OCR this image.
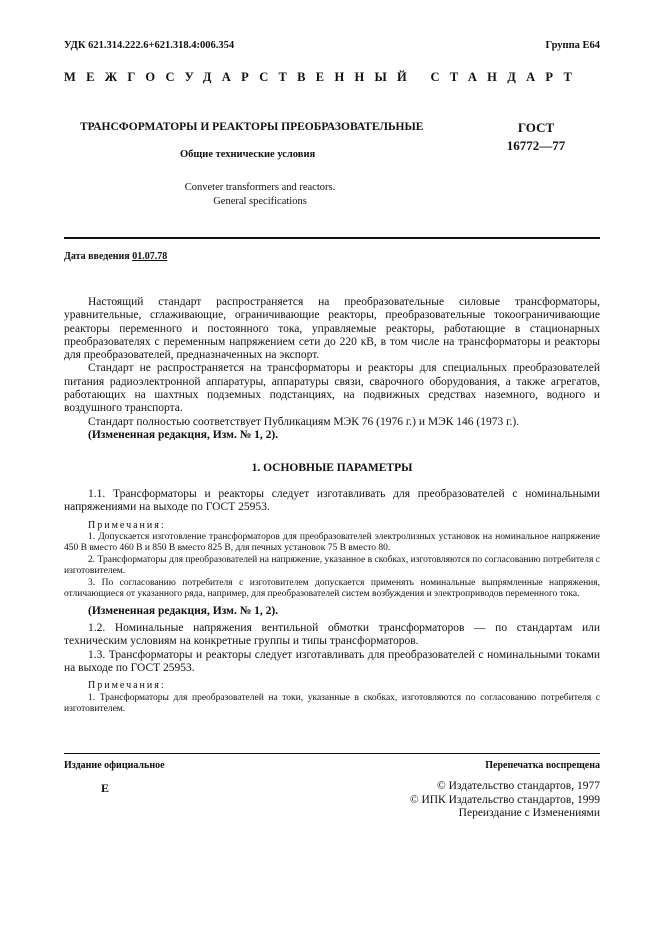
УДК 621.314.222.6+621.318.4:006.354	Группа Е64
МЕЖГОСУДАРСТВЕННЫЙ СТАНДАРТ
ТРАНСФОРМАТОРЫ И РЕАКТОРЫ ПРЕОБРАЗОВАТЕЛЬНЫЕ	ГОСТ
16772—77
Общие технические условия
Conveter transformers and reactors.
General specifications
Дата введения 01.07.78

Настоящий стандарт распространяется на преобразовательные силовые трансформаторы, уравнительные, сглаживающие, ограничивающие реакторы, преобразовательные токоограничивающие реакторы переменного и постоянного тока, управляемые реакторы, работающие в стационарных преобразователях с переменным напряжением сети до 220 кВ, в том числе на трансформаторы и реакторы для преобразователей, предназначенных на экспорт.

Стандарт не распространяется на трансформаторы и реакторы для специальных преобразователей питания радиоэлектронной аппаратуры, аппаратуры связи, сварочного оборудования, а также агрегатов, работающих на шахтных подземных подстанциях, на подвижных средствах наземного, водного и воздушного транспорта.

Стандарт полностью соответствует Публикациям МЭК 76 (1976 г.) и МЭК 146 (1973 г.).

(Измененная редакция, Изм. № 1, 2).

1. ОСНОВНЫЕ ПАРАМЕТРЫ

1.1. Трансформаторы и реакторы следует изготавливать для преобразователей с номинальными напряжениями на выходе по ГОСТ 25953.

Примечания:

1. Допускается изготовление трансформаторов для преобразователей электролизных установок на номинальное напряжение 450 В вместо 460 В и 850 В вместо 825 В, для печных установок 75 В вместо 80.

2. Трансформаторы для преобразователей на напряжение, указанное в скобках, изготовляются по согласованию потребителя с изготовителем.

3. По согласованию потребителя с изготовителем допускается применять номинальные выпрямленные напряжения, отличающиеся от указанного ряда, например, для преобразователей систем возбуждения и электроприводов переменного тока.

(Измененная редакция, Изм. № 1, 2).

1.2. Номинальные напряжения вентильной обмотки трансформаторов — по стандартам или техническим условиям на конкретные группы и типы трансформаторов.

1.3. Трансформаторы и реакторы следует изготавливать для преобразователей с номинальными токами на выходе по ГОСТ 25953.

Примечания:

1. Трансформаторы для преобразователей на токи, указанные в скобках, изготовляются по согласованию потребителя с изготовителем.

Издание официальное	Перепечатка воспрещена
Е	© Издательство стандартов, 1977
© ИПК Издательство стандартов, 1999
Переиздание с Изменениями
